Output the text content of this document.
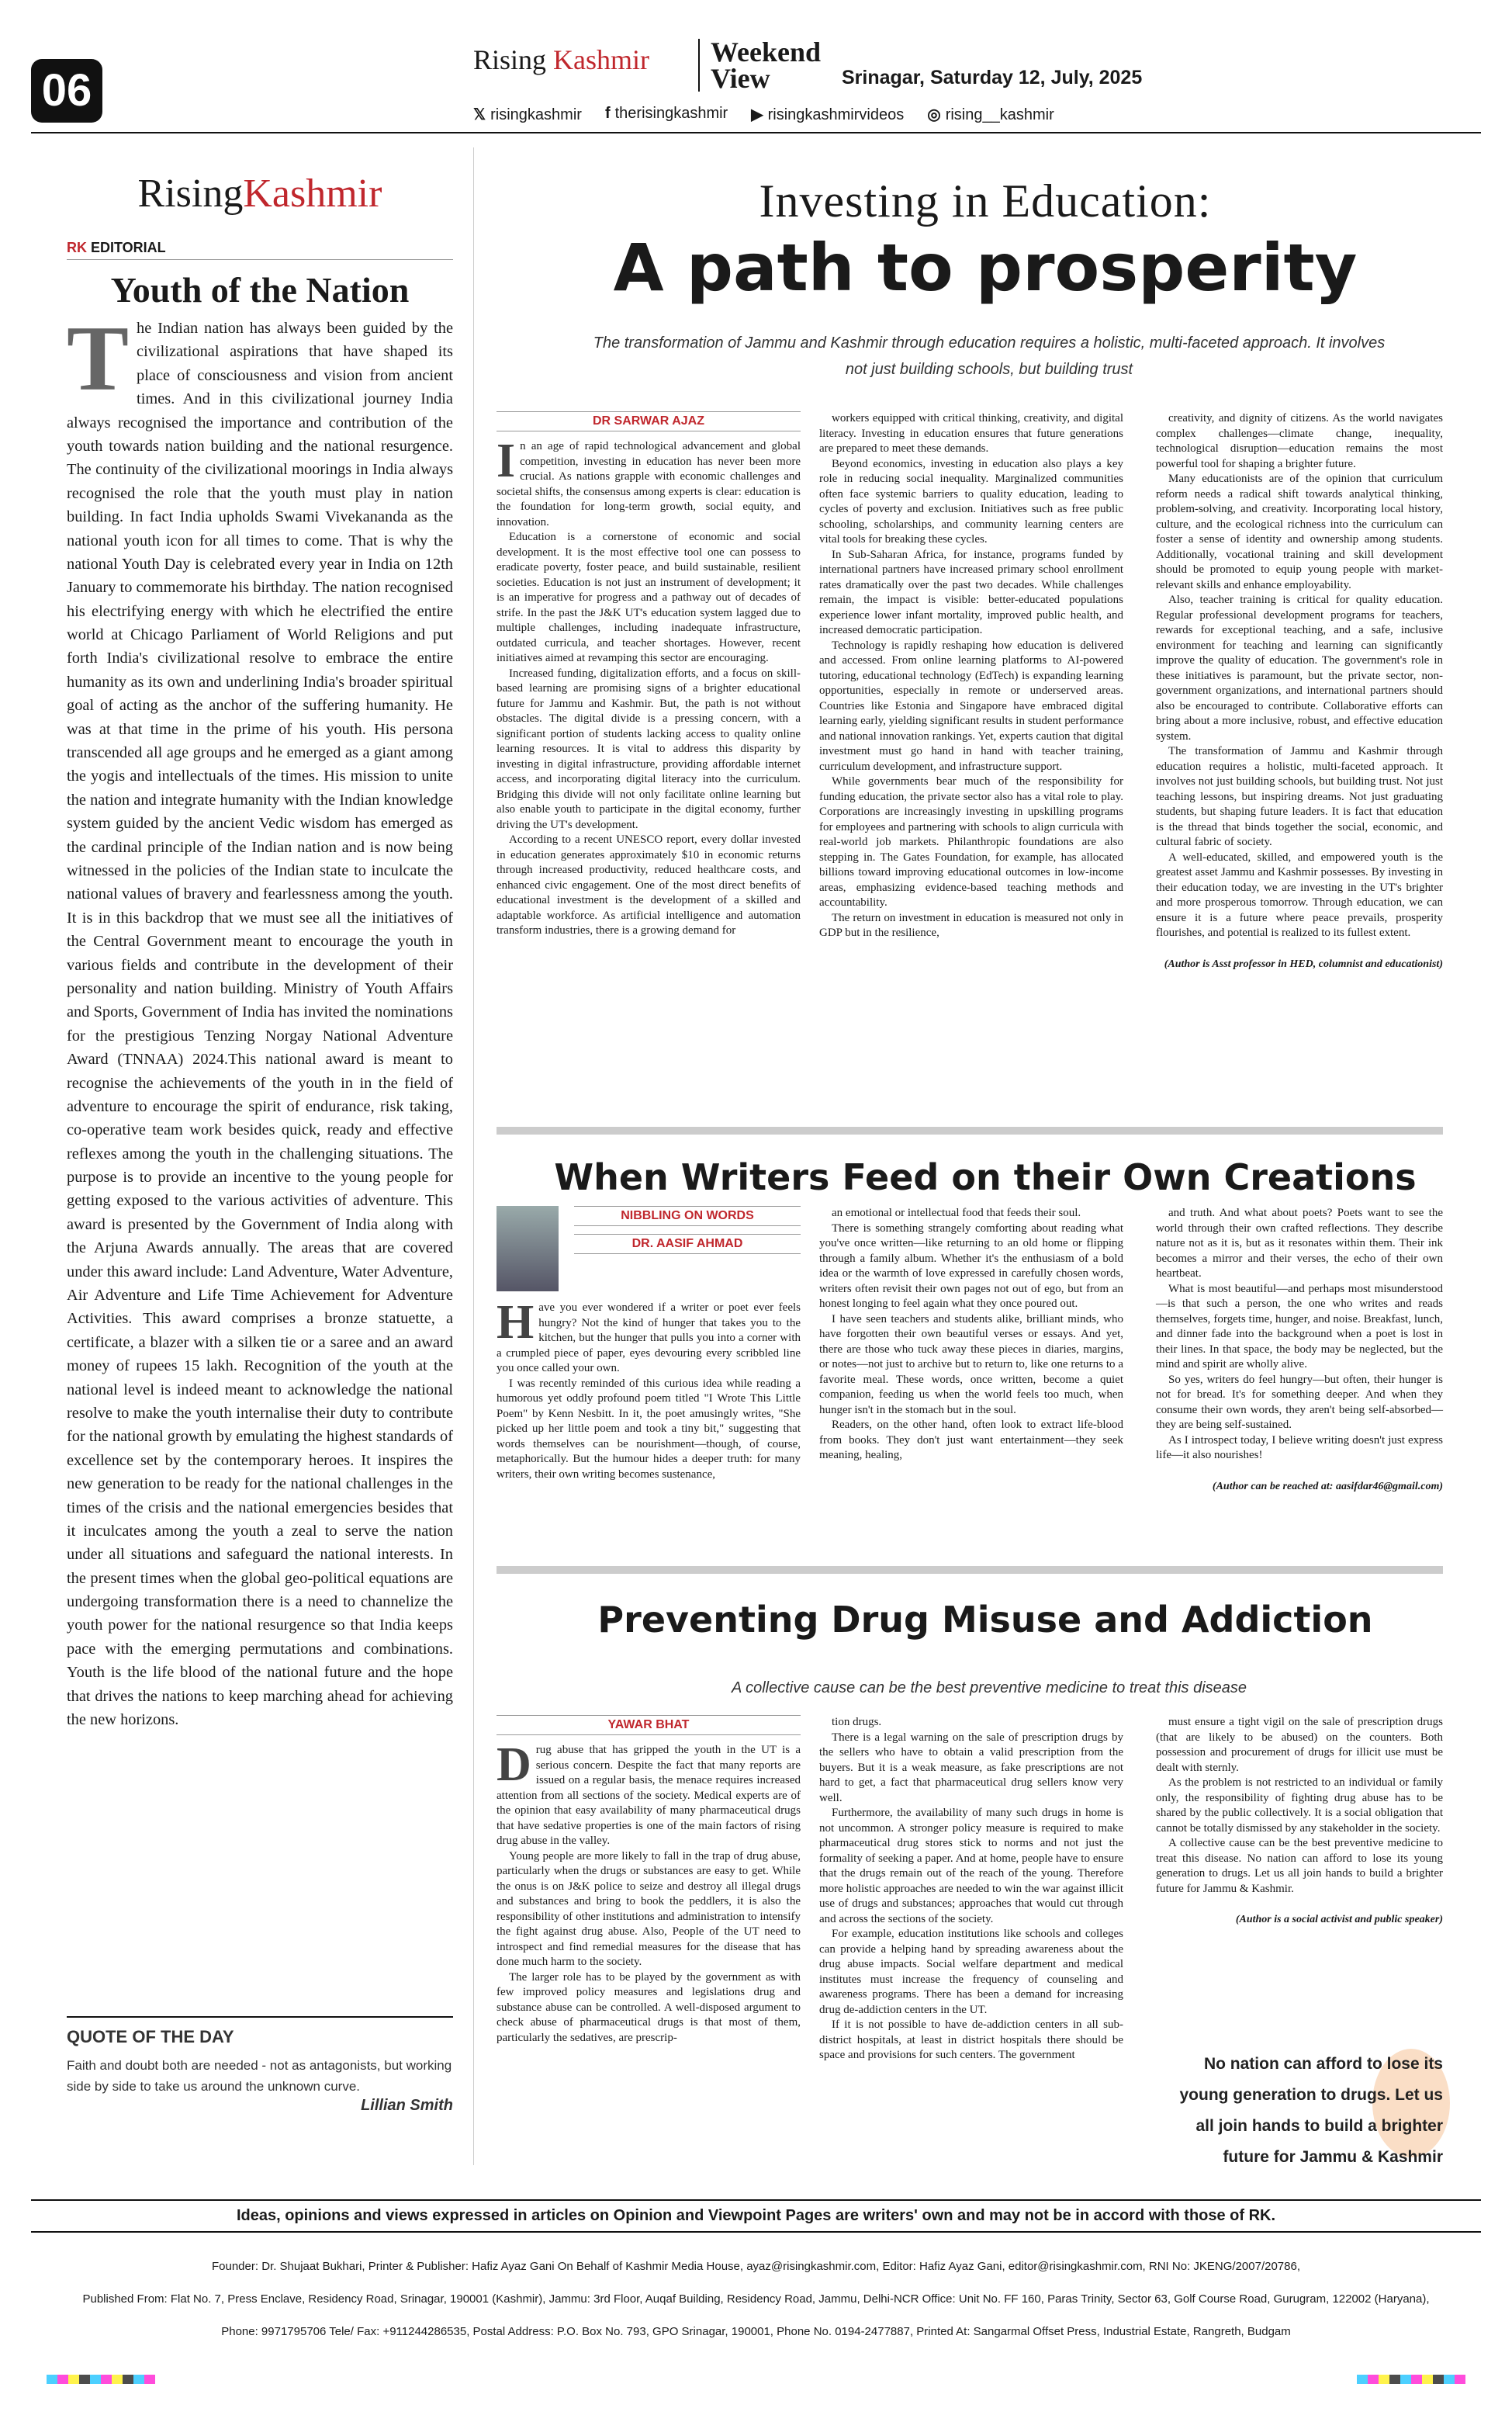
06
Rising Kashmir Weekend
View	Srinagar, Saturday 12, July, 2025
𝕏 risingkashmir f therisingkashmir ▶ risingkashmirvideos ◎ rising__kashmir
RisingKashmir
RK EDITORIAL
Youth of the Nation

The Indian nation has always been guided by the civilizational aspirations that have shaped its place of consciousness and vision from ancient times. And in this civilizational journey India always recognised the importance and contribution of the youth towards nation building and the national resurgence. The continuity of the civilizational moorings in India always recognised the role that the youth must play in nation building. In fact India upholds Swami Vivekananda as the national youth icon for all times to come. That is why the national Youth Day is celebrated every year in India on 12th January to commemorate his birthday. The nation recognised his electrifying energy with which he electrified the entire world at Chicago Parliament of World Religions and put forth India's civilizational resolve to embrace the entire humanity as its own and underlining India's broader spiritual goal of acting as the anchor of the suffering humanity. He was at that time in the prime of his youth. His persona transcended all age groups and he emerged as a giant among the yogis and intellectuals of the times. His mission to unite the nation and integrate humanity with the Indian knowledge system guided by the ancient Vedic wisdom has emerged as the cardinal principle of the Indian nation and is now being witnessed in the policies of the Indian state to inculcate the national values of bravery and fearlessness among the youth. It is in this backdrop that we must see all the initiatives of the Central Government meant to encourage the youth in various fields and contribute in the development of their personality and nation building. Ministry of Youth Affairs and Sports, Government of India has invited the nominations for the prestigious Tenzing Norgay National Adventure Award (TNNAA) 2024.This national award is meant to recognise the achievements of the youth in in the field of adventure to encourage the spirit of endurance, risk taking, co-operative team work besides quick, ready and effective reflexes among the youth in the challenging situations. The purpose is to provide an incentive to the young people for getting exposed to the various activities of adventure. This award is presented by the Government of India along with the Arjuna Awards annually. The areas that are covered under this award include: Land Adventure, Water Adventure, Air Adventure and Life Time Achievement for Adventure Activities. This award comprises a bronze statuette, a certificate, a blazer with a silken tie or a saree and an award money of rupees 15 lakh. Recognition of the youth at the national level is indeed meant to acknowledge the national resolve to make the youth internalise their duty to contribute for the national growth by emulating the highest standards of excellence set by the contemporary heroes. It inspires the new generation to be ready for the national challenges in the times of the crisis and the national emergencies besides that it inculcates among the youth a zeal to serve the nation under all situations and safeguard the national interests. In the present times when the global geo-political equations are undergoing transformation there is a need to channelize the youth power for the national resurgence so that India keeps pace with the emerging permutations and combinations. Youth is the life blood of the national future and the hope that drives the nations to keep marching ahead for achieving the new horizons.

QUOTE OF THE DAY

Faith and doubt both are needed - not as antagonists, but working side by side to take us around the unknown curve.

Lillian Smith

Investing in Education:
A path to prosperity
The transformation of Jammu and Kashmir through education requires a holistic, multi-faceted approach. It involves not just building schools, but building trust
DR SARWAR AJAZ

In an age of rapid technological advancement and global competition, investing in education has never been more crucial. As nations grapple with economic challenges and societal shifts, the consensus among experts is clear: education is the foundation for long-term growth, social equity, and innovation.

Education is a cornerstone of economic and social development. It is the most effective tool one can possess to eradicate poverty, foster peace, and build sustainable, resilient societies. Education is not just an instrument of development; it is an imperative for progress and a pathway out of decades of strife. In the past the J&K UT's education system lagged due to multiple challenges, including inadequate infrastructure, outdated curricula, and teacher shortages. However, recent initiatives aimed at revamping this sector are encouraging.

Increased funding, digitalization efforts, and a focus on skill-based learning are promising signs of a brighter educational future for Jammu and Kashmir. But, the path is not without obstacles. The digital divide is a pressing concern, with a significant portion of students lacking access to quality online learning resources. It is vital to address this disparity by investing in digital infrastructure, providing affordable internet access, and incorporating digital literacy into the curriculum. Bridging this divide will not only facilitate online learning but also enable youth to participate in the digital economy, further driving the UT's development.

According to a recent UNESCO report, every dollar invested in education generates approximately $10 in economic returns through increased productivity, reduced healthcare costs, and enhanced civic engagement. One of the most direct benefits of educational investment is the development of a skilled and adaptable workforce. As artificial intelligence and automation transform industries, there is a growing demand for

workers equipped with critical thinking, creativity, and digital literacy. Investing in education ensures that future generations are prepared to meet these demands.

Beyond economics, investing in education also plays a key role in reducing social inequality. Marginalized communities often face systemic barriers to quality education, leading to cycles of poverty and exclusion. Initiatives such as free public schooling, scholarships, and community learning centers are vital tools for breaking these cycles.

In Sub-Saharan Africa, for instance, programs funded by international partners have increased primary school enrollment rates dramatically over the past two decades. While challenges remain, the impact is visible: better-educated populations experience lower infant mortality, improved public health, and increased democratic participation.

Technology is rapidly reshaping how education is delivered and accessed. From online learning platforms to AI-powered tutoring, educational technology (EdTech) is expanding learning opportunities, especially in remote or underserved areas. Countries like Estonia and Singapore have embraced digital learning early, yielding significant results in student performance and national innovation rankings. Yet, experts caution that digital investment must go hand in hand with teacher training, curriculum development, and infrastructure support.

While governments bear much of the responsibility for funding education, the private sector also has a vital role to play. Corporations are increasingly investing in upskilling programs for employees and partnering with schools to align curricula with real-world job markets. Philanthropic foundations are also stepping in. The Gates Foundation, for example, has allocated billions toward improving educational outcomes in low-income areas, emphasizing evidence-based teaching methods and accountability.

The return on investment in education is measured not only in GDP but in the resilience,

creativity, and dignity of citizens. As the world navigates complex challenges—climate change, inequality, technological disruption—education remains the most powerful tool for shaping a brighter future.

Many educationists are of the opinion that curriculum reform needs a radical shift towards analytical thinking, problem-solving, and creativity. Incorporating local history, culture, and the ecological richness into the curriculum can foster a sense of identity and ownership among students. Additionally, vocational training and skill development should be promoted to equip young people with market-relevant skills and enhance employability.

Also, teacher training is critical for quality education. Regular professional development programs for teachers, rewards for exceptional teaching, and a safe, inclusive environment for teaching and learning can significantly improve the quality of education. The government's role in these initiatives is paramount, but the private sector, non-government organizations, and international partners should also be encouraged to contribute. Collaborative efforts can bring about a more inclusive, robust, and effective education system.

The transformation of Jammu and Kashmir through education requires a holistic, multi-faceted approach. It involves not just building schools, but building trust. Not just teaching lessons, but inspiring dreams. Not just graduating students, but shaping future leaders. It is fact that education is the thread that binds together the social, economic, and cultural fabric of society.

A well-educated, skilled, and empowered youth is the greatest asset Jammu and Kashmir possesses. By investing in their education today, we are investing in the UT's brighter and more prosperous tomorrow. Through education, we can ensure it is a future where peace prevails, prosperity flourishes, and potential is realized to its fullest extent.

(Author is Asst professor in HED, columnist and educationist)
When Writers Feed on their Own Creations
NIBBLING ON WORDS
DR. AASIF AHMAD

Have you ever wondered if a writer or poet ever feels hungry? Not the kind of hunger that takes you to the kitchen, but the hunger that pulls you into a corner with a crumpled piece of paper, eyes devouring every scribbled line you once called your own.

I was recently reminded of this curious idea while reading a humorous yet oddly profound poem titled "I Wrote This Little Poem" by Kenn Nesbitt. In it, the poet amusingly writes, "She picked up her little poem and took a tiny bit," suggesting that words themselves can be nourishment—though, of course, metaphorically. But the humour hides a deeper truth: for many writers, their own writing becomes sustenance,

an emotional or intellectual food that feeds their soul.

There is something strangely comforting about reading what you've once written—like returning to an old home or flipping through a family album. Whether it's the enthusiasm of a bold idea or the warmth of love expressed in carefully chosen words, writers often revisit their own pages not out of ego, but from an honest longing to feel again what they once poured out.

I have seen teachers and students alike, brilliant minds, who have forgotten their own beautiful verses or essays. And yet, there are those who tuck away these pieces in diaries, margins, or notes—not just to archive but to return to, like one returns to a favorite meal. These words, once written, become a quiet companion, feeding us when the world feels too much, when hunger isn't in the stomach but in the soul.

Readers, on the other hand, often look to extract life-blood from books. They don't just want entertainment—they seek meaning, healing,

and truth. And what about poets? Poets want to see the world through their own crafted reflections. They describe nature not as it is, but as it resonates within them. Their ink becomes a mirror and their verses, the echo of their own heartbeat.

What is most beautiful—and perhaps most misunderstood—is that such a person, the one who writes and reads themselves, forgets time, hunger, and noise. Breakfast, lunch, and dinner fade into the background when a poet is lost in their lines. In that space, the body may be neglected, but the mind and spirit are wholly alive.

So yes, writers do feel hungry—but often, their hunger is not for bread. It's for something deeper. And when they consume their own words, they aren't being self-absorbed—they are being self-sustained.

As I introspect today, I believe writing doesn't just express life—it also nourishes!

(Author can be reached at: aasifdar46@gmail.com)
Preventing Drug Misuse and Addiction
A collective cause can be the best preventive medicine to treat this disease
YAWAR BHAT

Drug abuse that has gripped the youth in the UT is a serious concern. Despite the fact that many reports are issued on a regular basis, the menace requires increased attention from all sections of the society. Medical experts are of the opinion that easy availability of many pharmaceutical drugs that have sedative properties is one of the main factors of rising drug abuse in the valley.

Young people are more likely to fall in the trap of drug abuse, particularly when the drugs or substances are easy to get. While the onus is on J&K police to seize and destroy all illegal drugs and substances and bring to book the peddlers, it is also the responsibility of other institutions and administration to intensify the fight against drug abuse. Also, People of the UT need to introspect and find remedial measures for the disease that has done much harm to the society.

The larger role has to be played by the government as with few improved policy measures and legislations drug and substance abuse can be controlled. A well-disposed argument to check abuse of pharmaceutical drugs is that most of them, particularly the sedatives, are prescrip-

tion drugs.

There is a legal warning on the sale of prescription drugs by the sellers who have to obtain a valid prescription from the buyers. But it is a weak measure, as fake prescriptions are not hard to get, a fact that pharmaceutical drug sellers know very well.

Furthermore, the availability of many such drugs in home is not uncommon. A stronger policy measure is required to make pharmaceutical drug stores stick to norms and not just the formality of seeking a paper. And at home, people have to ensure that the drugs remain out of the reach of the young. Therefore more holistic approaches are needed to win the war against illicit use of drugs and substances; approaches that would cut through and across the sections of the society.

For example, education institutions like schools and colleges can provide a helping hand by spreading awareness about the drug abuse impacts. Social welfare department and medical institutes must increase the frequency of counseling and awareness programs. There has been a demand for increasing drug de-addiction centers in the UT.

If it is not possible to have de-addiction centers in all sub-district hospitals, at least in district hospitals there should be space and provisions for such centers. The government

must ensure a tight vigil on the sale of prescription drugs (that are likely to be abused) on the counters. Both possession and procurement of drugs for illicit use must be dealt with sternly.

As the problem is not restricted to an individual or family only, the responsibility of fighting drug abuse has to be shared by the public collectively. It is a social obligation that cannot be totally dismissed by any stakeholder in the society.

A collective cause can be the best preventive medicine to treat this disease. No nation can afford to lose its young generation to drugs. Let us all join hands to build a brighter future for Jammu & Kashmir.

(Author is a social activist and public speaker)
No nation can afford to lose its young generation to drugs. Let us all join hands to build a brighter future for Jammu & Kashmir
Ideas, opinions and views expressed in articles on Opinion and Viewpoint Pages are writers' own and may not be in accord with those of RK.
Founder: Dr. Shujaat Bukhari, Printer & Publisher: Hafiz Ayaz Gani On Behalf of Kashmir Media House, ayaz@risingkashmir.com, Editor: Hafiz Ayaz Gani, editor@risingkashmir.com, RNI No: JKENG/2007/20786,
Published From: Flat No. 7, Press Enclave, Residency Road, Srinagar, 190001 (Kashmir), Jammu: 3rd Floor, Auqaf Building, Residency Road, Jammu, Delhi-NCR Office: Unit No. FF 160, Paras Trinity, Sector 63, Golf Course Road, Gurugram, 122002 (Haryana),
Phone: 9971795706 Tele/ Fax: +911244286535, Postal Address: P.O. Box No. 793, GPO Srinagar, 190001, Phone No. 0194-2477887, Printed At: Sangarmal Offset Press, Industrial Estate, Rangreth, Budgam
